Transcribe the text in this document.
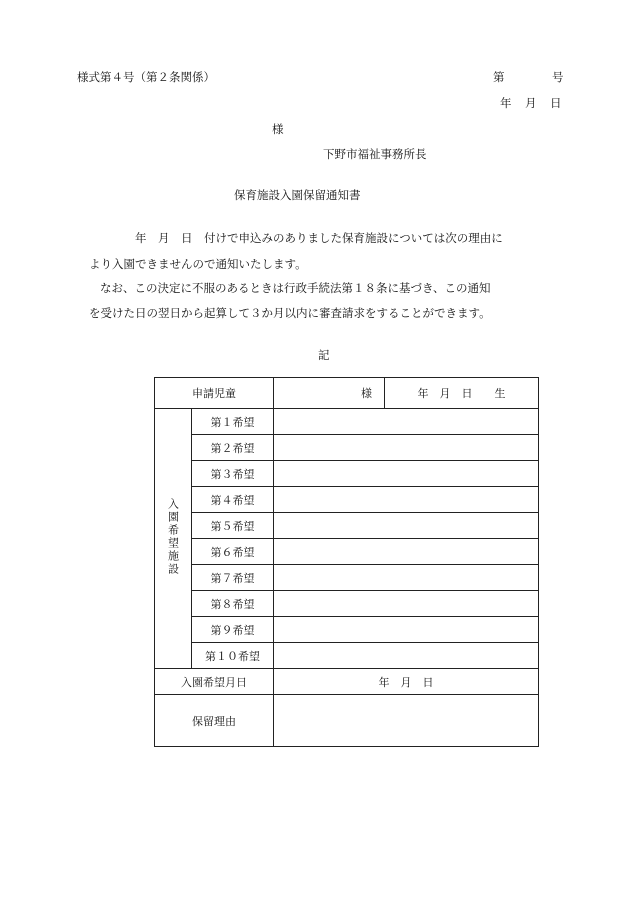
様式第４号（第２条関係）	第	号
年 月 日
様
下野市福祉事務所長
保育施設入園保留通知書
年　月　日　付けで申込みのありました保育施設については次の理由に
より入園できませんので通知いたします。
なお、この決定に不服のあるときは行政手続法第１８条に基づき、この通知
を受けた日の翌日から起算して３か月以内に審査請求をすることができます。
記
申請児童		様	年　月　日　　生
入園希望施設	第１希望		
	第２希望		
	第３希望		
	第４希望		
	第５希望		
	第６希望		
	第７希望		
	第８希望		
	第９希望		
	第１０希望		
入園希望月日		年　月　日	
保留理由			
